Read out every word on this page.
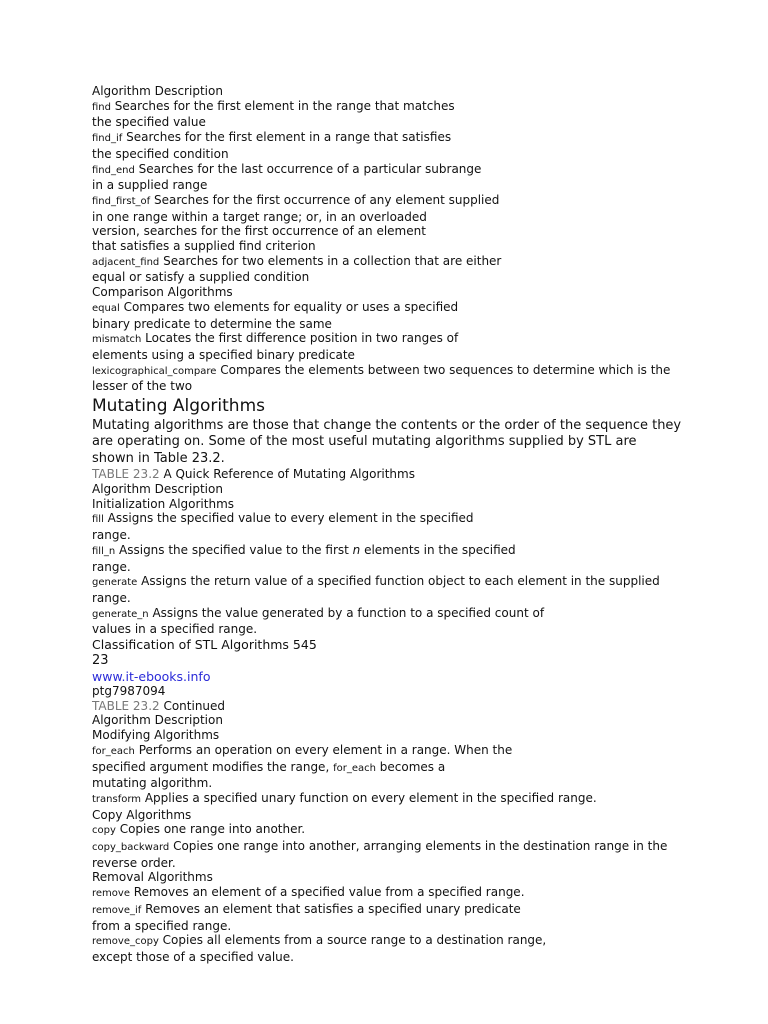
Algorithm Description
find Searches for the first element in the range that matches
the specified value
find_if Searches for the first element in a range that satisfies
the specified condition
find_end Searches for the last occurrence of a particular subrange
in a supplied range
find_first_of Searches for the first occurrence of any element supplied
in one range within a target range; or, in an overloaded
version, searches for the first occurrence of an element
that satisfies a supplied find criterion
adjacent_find Searches for two elements in a collection that are either
equal or satisfy a supplied condition
Comparison Algorithms
equal Compares two elements for equality or uses a specified
binary predicate to determine the same
mismatch Locates the first difference position in two ranges of
elements using a specified binary predicate
lexicographical_compare Compares the elements between two sequences to determine which is the
lesser of the two
Mutating Algorithms
Mutating algorithms are those that change the contents or the order of the sequence they
are operating on. Some of the most useful mutating algorithms supplied by STL are
shown in Table 23.2.
TABLE 23.2 A Quick Reference of Mutating Algorithms
Algorithm Description
Initialization Algorithms
fill Assigns the specified value to every element in the specified
range.
fill_n Assigns the specified value to the first n elements in the specified
range.
generate Assigns the return value of a specified function object to each element in the supplied
range.
generate_n Assigns the value generated by a function to a specified count of
values in a specified range.
Classification of STL Algorithms 545
23
www.it-ebooks.info
ptg7987094
TABLE 23.2 Continued
Algorithm Description
Modifying Algorithms
for_each Performs an operation on every element in a range. When the
specified argument modifies the range, for_each becomes a
mutating algorithm.
transform Applies a specified unary function on every element in the specified range.
Copy Algorithms
copy Copies one range into another.
copy_backward Copies one range into another, arranging elements in the destination range in the
reverse order.
Removal Algorithms
remove Removes an element of a specified value from a specified range.
remove_if Removes an element that satisfies a specified unary predicate
from a specified range.
remove_copy Copies all elements from a source range to a destination range,
except those of a specified value.
